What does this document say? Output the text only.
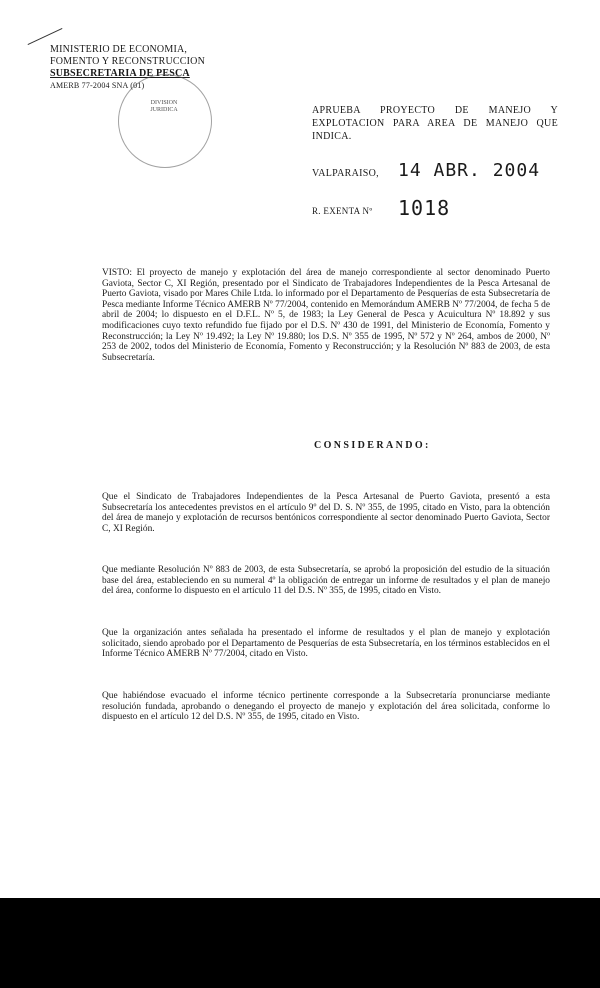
MINISTERIO DE ECONOMIA,
FOMENTO Y RECONSTRUCCION
SUBSECRETARIA DE PESCA
AMERB 77-2004 SNA (01)
DIVISION JURIDICA	APRUEBA PROYECTO DE MANEJO Y EXPLOTACION PARA AREA DE MANEJO QUE INDICA.
VALPARAISO, 14 ABR. 2004
R. EXENTA Nº 1018
VISTO: El proyecto de manejo y explotación del área de manejo correspondiente al sector denominado Puerto Gaviota, Sector C, XI Región, presentado por el Sindicato de Trabajadores Independientes de la Pesca Artesanal de Puerto Gaviota, visado por Mares Chile Ltda. lo informado por el Departamento de Pesquerías de esta Subsecretaría de Pesca mediante Informe Técnico AMERB Nº 77/2004, contenido en Memorándum AMERB Nº 77/2004, de fecha 5 de abril de 2004; lo dispuesto en el D.F.L. Nº 5, de 1983; la Ley General de Pesca y Acuicultura Nº 18.892 y sus modificaciones cuyo texto refundido fue fijado por el D.S. Nº 430 de 1991, del Ministerio de Economía, Fomento y Reconstrucción; la Ley Nº 19.492; la Ley Nº 19.880; los D.S. Nº 355 de 1995, Nº 572 y Nº 264, ambos de 2000, Nº 253 de 2002, todos del Ministerio de Economía, Fomento y Reconstrucción; y la Resolución Nº 883 de 2003, de esta Subsecretaría.
CONSIDERANDO:
Que el Sindicato de Trabajadores Independientes de la Pesca Artesanal de Puerto Gaviota, presentó a esta Subsecretaría los antecedentes previstos en el artículo 9º del D. S. Nº 355, de 1995, citado en Visto, para la obtención del área de manejo y explotación de recursos bentónicos correspondiente al sector denominado Puerto Gaviota, Sector C, XI Región.
Que mediante Resolución Nº 883 de 2003, de esta Subsecretaría, se aprobó la proposición del estudio de la situación base del área, estableciendo en su numeral 4º la obligación de entregar un informe de resultados y el plan de manejo del área, conforme lo dispuesto en el artículo 11 del D.S. Nº 355, de 1995, citado en Visto.
Que la organización antes señalada ha presentado el informe de resultados y el plan de manejo y explotación solicitado, siendo aprobado por el Departamento de Pesquerías de esta Subsecretaría, en los términos establecidos en el Informe Técnico AMERB Nº 77/2004, citado en Visto.
Que habiéndose evacuado el informe técnico pertinente corresponde a la Subsecretaría pronunciarse mediante resolución fundada, aprobando o denegando el proyecto de manejo y explotación del área solicitada, conforme lo dispuesto en el artículo 12 del D.S. Nº 355, de 1995, citado en Visto.
